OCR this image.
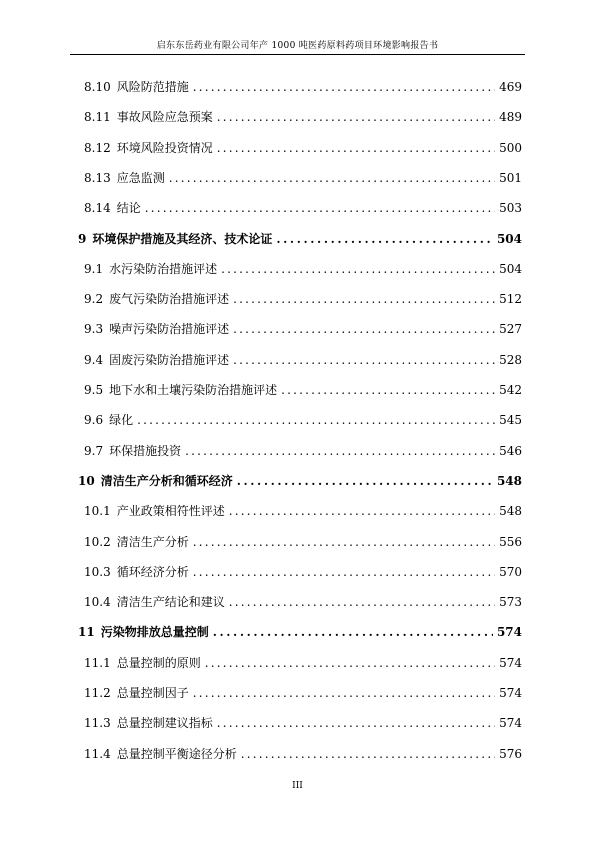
启东东岳药业有限公司年产 1000 吨医药原料药项目环境影响报告书
8.10 风险防范措施 .....	469
8.11 事故风险应急预案 .....	489
8.12 环境风险投资情况 .....	500
8.13 应急监测 .....	501
8.14 结论 .....	503
9 环境保护措施及其经济、技术论证 .....	504
9.1 水污染防治措施评述 .....	504
9.2 废气污染防治措施评述 .....	512
9.3 噪声污染防治措施评述 .....	527
9.4 固废污染防治措施评述 .....	528
9.5 地下水和土壤污染防治措施评述 .....	542
9.6 绿化 .....	545
9.7 环保措施投资 .....	546
10 清洁生产分析和循环经济 .....	548
10.1 产业政策相符性评述 .....	548
10.2 清洁生产分析 .....	556
10.3 循环经济分析 .....	570
10.4 清洁生产结论和建议 .....	573
11 污染物排放总量控制 .....	574
11.1 总量控制的原则 .....	574
11.2 总量控制因子 .....	574
11.3 总量控制建议指标 .....	574
11.4 总量控制平衡途径分析 .....	576
III
